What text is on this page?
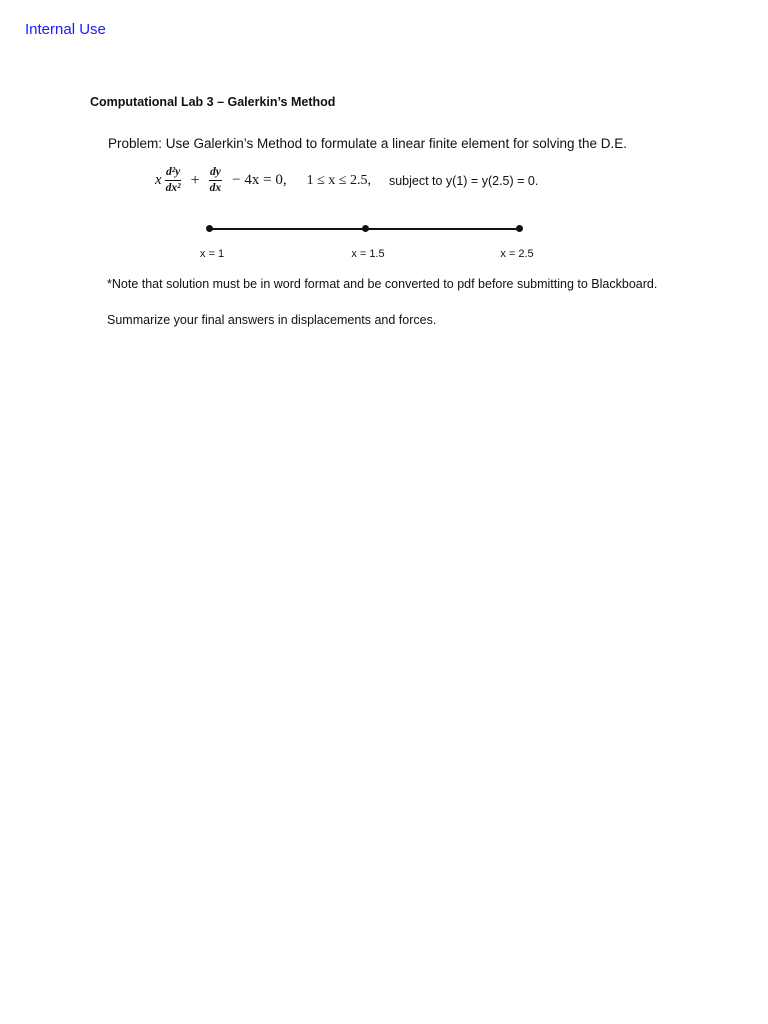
Internal Use
Computational Lab 3 – Galerkin’s Method
Problem: Use Galerkin’s Method to formulate a linear finite element for solving the D.E.
x $\frac{\text{d²y}}{\text{dx²}} + \frac{dy}{dx} - 4x = 0$, 1 ≤ x ≤ 2.5, subject to y(1) = y(2.5) = 0.
x = 1	x = 1.5	x = 2.5
*Note that solution must be in word format and be converted to pdf before submitting to Blackboard.
Summarize your final answers in displacements and forces.
